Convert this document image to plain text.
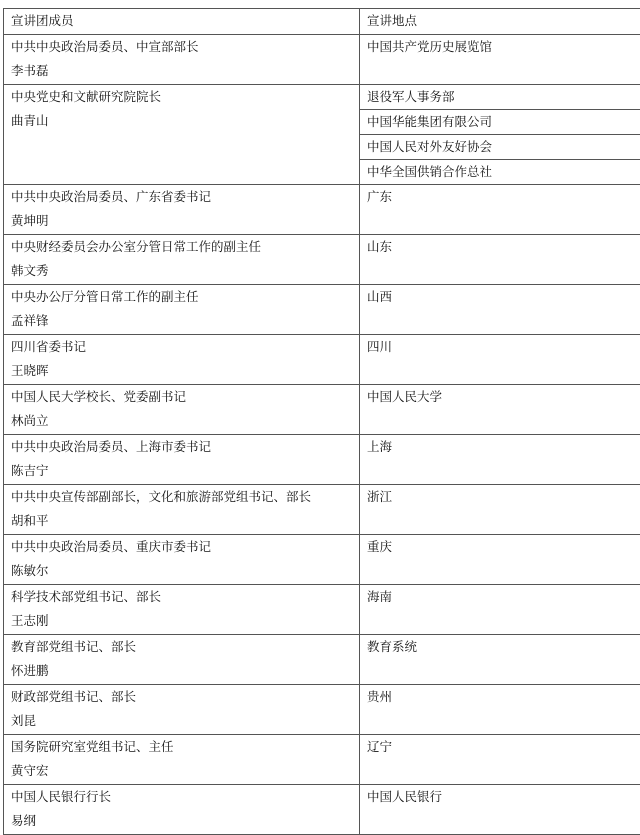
宣讲团成员	宣讲地点

中共中央政治局委员、中宣部部长
李书磊	中国共产党历史展览馆

中央党史和文献研究院院长
曲青山	退役军人事务部
	中国华能集团有限公司
	中国人民对外友好协会
	中华全国供销合作总社

中共中央政治局委员、广东省委书记
黄坤明	广东

中央财经委员会办公室分管日常工作的副主任
韩文秀	山东

中央办公厅分管日常工作的副主任
孟祥锋	山西

四川省委书记
王晓晖	四川

中国人民大学校长、党委副书记
林尚立	中国人民大学

中共中央政治局委员、上海市委书记
陈吉宁	上海

中共中央宣传部副部长，文化和旅游部党组书记、部长
胡和平	浙江

中共中央政治局委员、重庆市委书记
陈敏尔	重庆

科学技术部党组书记、部长
王志刚	海南

教育部党组书记、部长
怀进鹏	教育系统

财政部党组书记、部长
刘昆	贵州

国务院研究室党组书记、主任
黄守宏	辽宁

中国人民银行行长
易纲	中国人民银行
